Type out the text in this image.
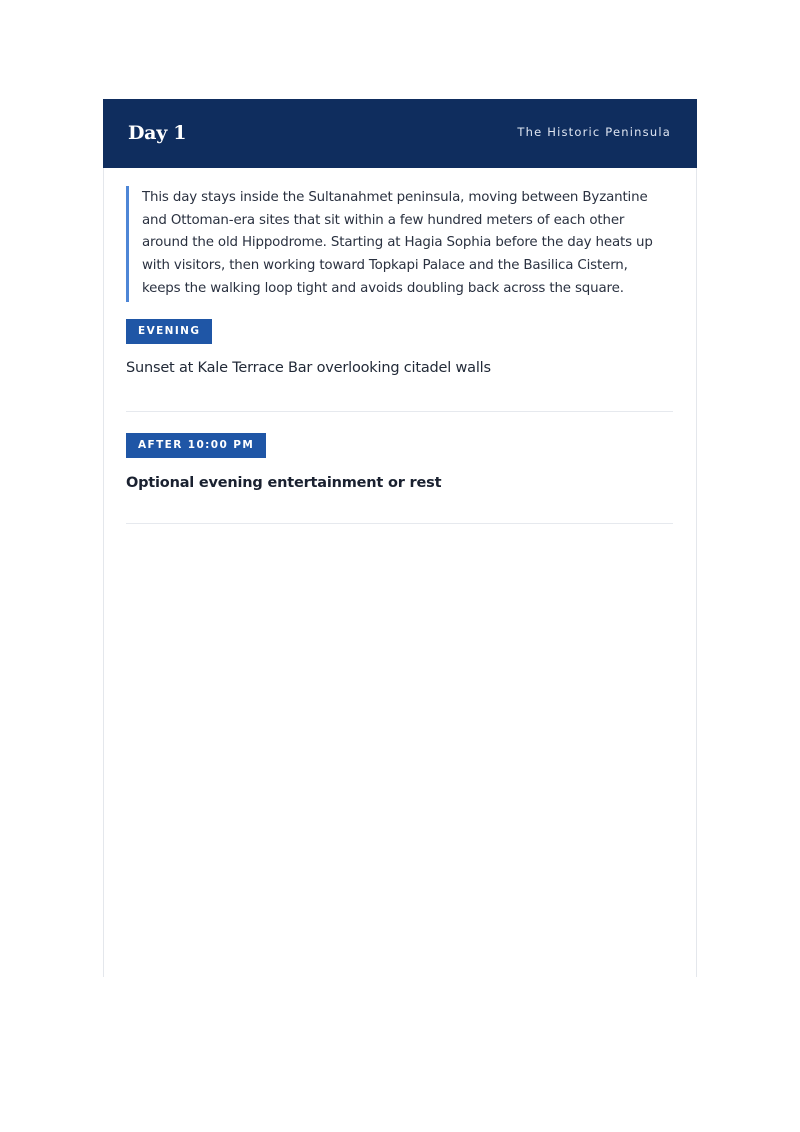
Day 1	The Historic Peninsula

This day stays inside the Sultanahmet peninsula, moving between Byzantine and Ottoman-era sites that sit within a few hundred meters of each other around the old Hippodrome. Starting at Hagia Sophia before the day heats up with visitors, then working toward Topkapi Palace and the Basilica Cistern, keeps the walking loop tight and avoids doubling back across the square.

EVENING

Sunset at Kale Terrace Bar overlooking citadel walls

AFTER 10:00 PM

Optional evening entertainment or rest
